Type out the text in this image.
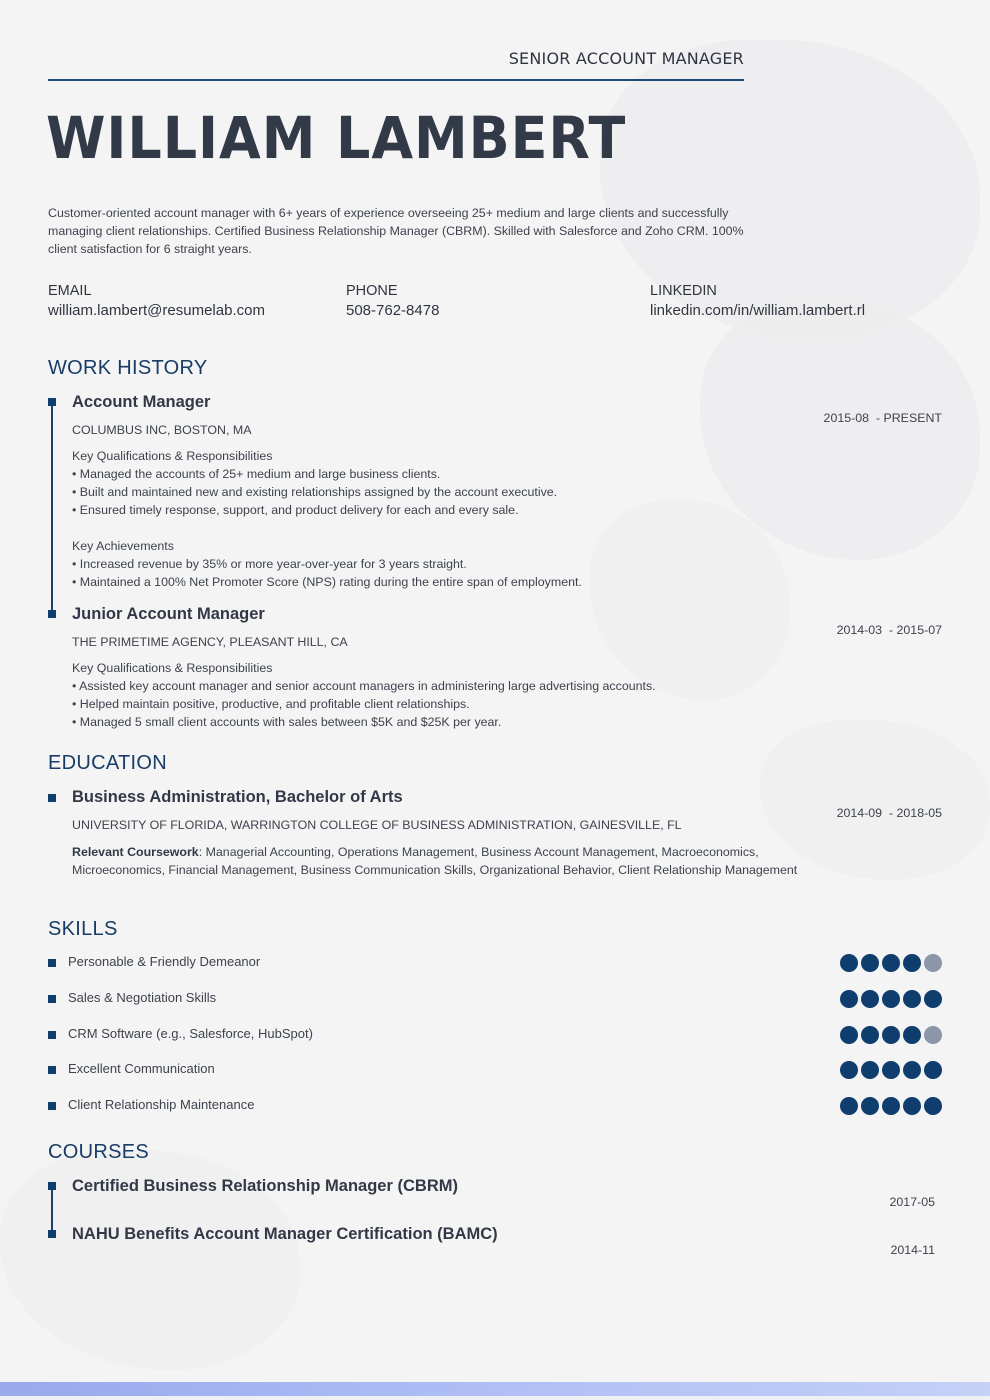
SENIOR ACCOUNT MANAGER
WILLIAM LAMBERT
Customer-oriented account manager with 6+ years of experience overseeing 25+ medium and large clients and successfully managing client relationships. Certified Business Relationship Manager (CBRM). Skilled with Salesforce and Zoho CRM. 100% client satisfaction for 6 straight years.
EMAIL
william.lambert@resumelab.com
PHONE
508-762-8478
LINKEDIN
linkedin.com/in/william.lambert.rl
WORK HISTORY
Account Manager
2015-08  - PRESENT
COLUMBUS INC, BOSTON, MA
Key Qualifications & Responsibilities
• Managed the accounts of 25+ medium and large business clients.
• Built and maintained new and existing relationships assigned by the account executive.
• Ensured timely response, support, and product delivery for each and every sale.
Key Achievements
• Increased revenue by 35% or more year-over-year for 3 years straight.
• Maintained a 100% Net Promoter Score (NPS) rating during the entire span of employment.
Junior Account Manager
2014-03  - 2015-07
THE PRIMETIME AGENCY, PLEASANT HILL, CA
Key Qualifications & Responsibilities
• Assisted key account manager and senior account managers in administering large advertising accounts.
• Helped maintain positive, productive, and profitable client relationships.
• Managed 5 small client accounts with sales between $5K and $25K per year.
EDUCATION
Business Administration, Bachelor of Arts
2014-09  - 2018-05
UNIVERSITY OF FLORIDA, WARRINGTON COLLEGE OF BUSINESS ADMINISTRATION, GAINESVILLE, FL
Relevant Coursework: Managerial Accounting, Operations Management, Business Account Management, Macroeconomics, Microeconomics, Financial Management, Business Communication Skills, Organizational Behavior, Client Relationship Management
SKILLS
Personable & Friendly Demeanor
Sales & Negotiation Skills
CRM Software (e.g., Salesforce, HubSpot)
Excellent Communication
Client Relationship Maintenance
COURSES
Certified Business Relationship Manager (CBRM)
2017-05
NAHU Benefits Account Manager Certification (BAMC)
2014-11
